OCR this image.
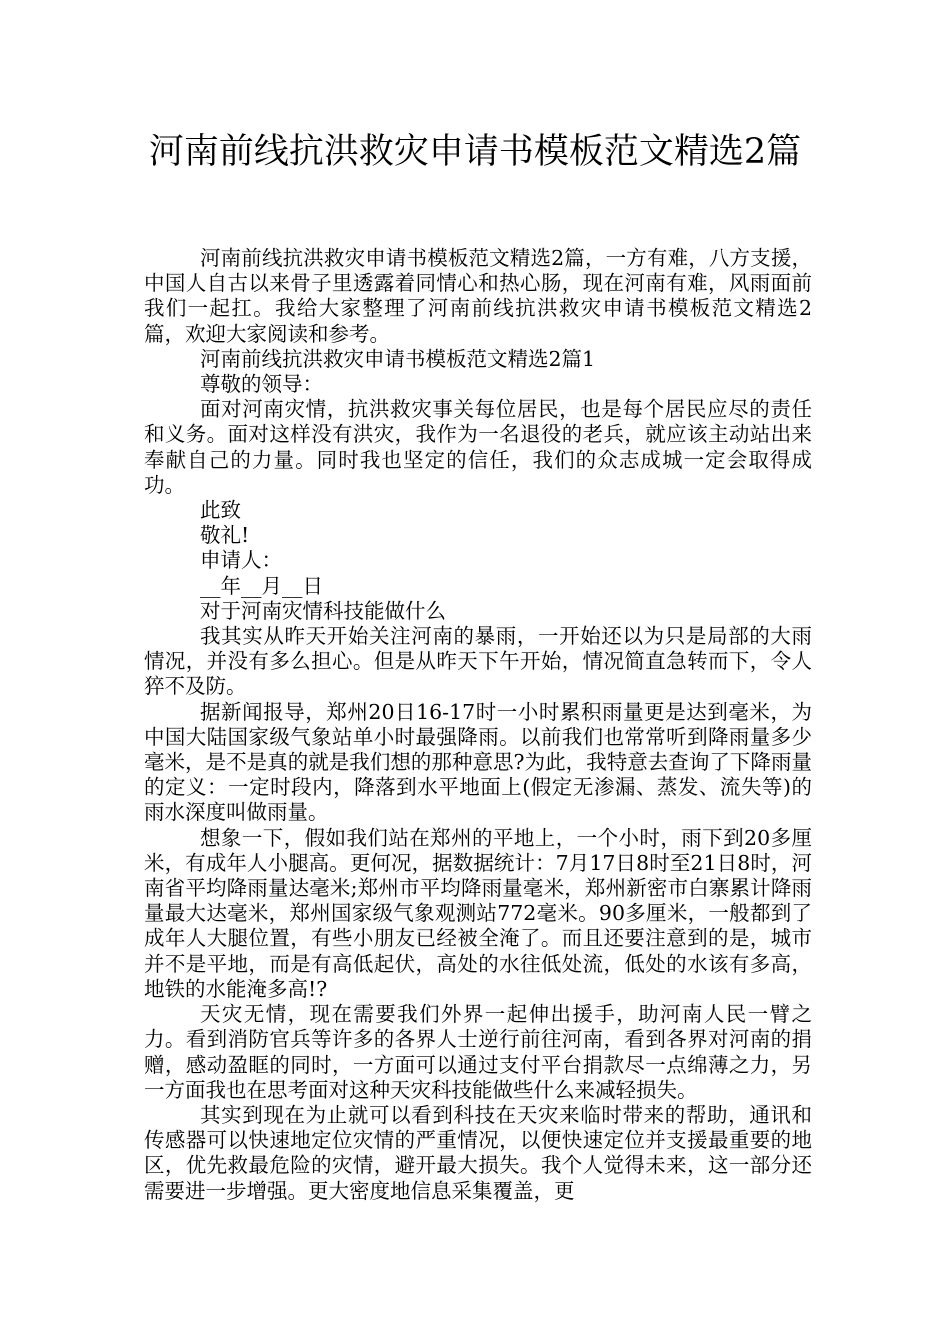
河南前线抗洪救灾申请书模板范文精选2篇

河南前线抗洪救灾申请书模板范文精选2篇，一方有难，八方支援，中国人自古以来骨子里透露着同情心和热心肠，现在河南有难，风雨面前我们一起扛。我给大家整理了河南前线抗洪救灾申请书模板范文精选2篇，欢迎大家阅读和参考。

河南前线抗洪救灾申请书模板范文精选2篇1

尊敬的领导：

面对河南灾情，抗洪救灾事关每位居民，也是每个居民应尽的责任和义务。面对这样没有洪灾，我作为一名退役的老兵，就应该主动站出来奉献自己的力量。同时我也坚定的信任，我们的众志成城一定会取得成功。

此致

敬礼!

申请人：

__年__月__日

对于河南灾情科技能做什么

我其实从昨天开始关注河南的暴雨，一开始还以为只是局部的大雨情况，并没有多么担心。但是从昨天下午开始，情况简直急转而下，令人猝不及防。

据新闻报导，郑州20日16-17时一小时累积雨量更是达到毫米，为中国大陆国家级气象站单小时最强降雨。以前我们也常常听到降雨量多少毫米，是不是真的就是我们想的那种意思?为此，我特意去查询了下降雨量的定义：一定时段内，降落到水平地面上(假定无渗漏、蒸发、流失等)的雨水深度叫做雨量。

想象一下，假如我们站在郑州的平地上，一个小时，雨下到20多厘米，有成年人小腿高。更何况，据数据统计：7月17日8时至21日8时，河南省平均降雨量达毫米;郑州市平均降雨量毫米，郑州新密市白寨累计降雨量最大达毫米，郑州国家级气象观测站772毫米。90多厘米，一般都到了成年人大腿位置，有些小朋友已经被全淹了。而且还要注意到的是，城市并不是平地，而是有高低起伏，高处的水往低处流，低处的水该有多高，地铁的水能淹多高!?

天灾无情，现在需要我们外界一起伸出援手，助河南人民一臂之力。看到消防官兵等许多的各界人士逆行前往河南，看到各界对河南的捐赠，感动盈眶的同时，一方面可以通过支付平台捐款尽一点绵薄之力，另一方面我也在思考面对这种天灾科技能做些什么来减轻损失。

其实到现在为止就可以看到科技在天灾来临时带来的帮助，通讯和传感器可以快速地定位灾情的严重情况，以便快速定位并支援最重要的地区，优先救最危险的灾情，避开最大损失。我个人觉得未来，这一部分还需要进一步增强。更大密度地信息采集覆盖，更
